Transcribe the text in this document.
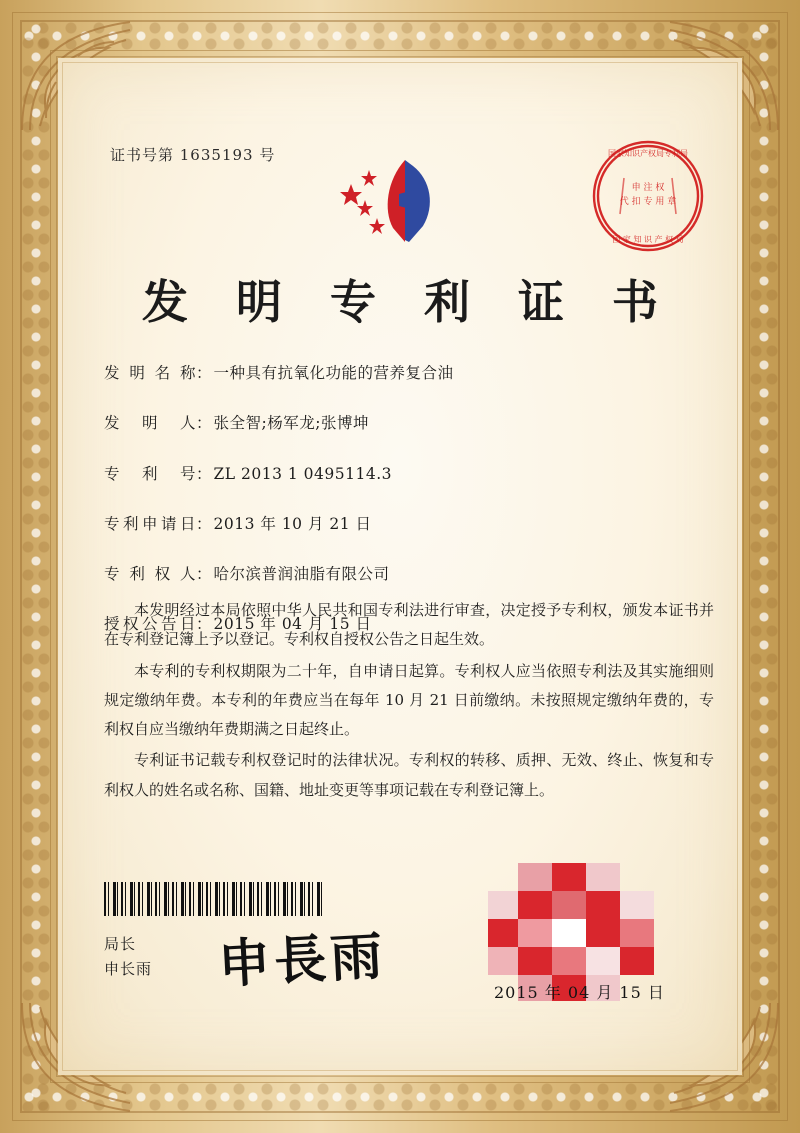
证书号第 1635193 号	国家知识产权局专利局
申 注 权
代 扣 专 用 章
国 家 知 识 产 权 局
发 明 专 利 证 书
发 明 名 称 ： 一种具有抗氧化功能的营养复合油
发 明 人 ： 张全智;杨军龙;张博坤
专 利 号 ： ZL 2013 1 0495114.3
专利申请日 ： 2013 年 10 月 21 日
专 利 权 人 ： 哈尔滨普润油脂有限公司
授权公告日 ： 2015 年 04 月 15 日

本发明经过本局依照中华人民共和国专利法进行审查，决定授予专利权，颁发本证书并在专利登记簿上予以登记。专利权自授权公告之日起生效。

本专利的专利权期限为二十年，自申请日起算。专利权人应当依照专利法及其实施细则规定缴纳年费。本专利的年费应当在每年 10 月 21 日前缴纳。未按照规定缴纳年费的，专利权自应当缴纳年费期满之日起终止。

专利证书记载专利权登记时的法律状况。专利权的转移、质押、无效、终止、恢复和专利权人的姓名或名称、国籍、地址变更等事项记载在专利登记簿上。

局长
申长雨 申長雨	2015 年 04 月 15 日
